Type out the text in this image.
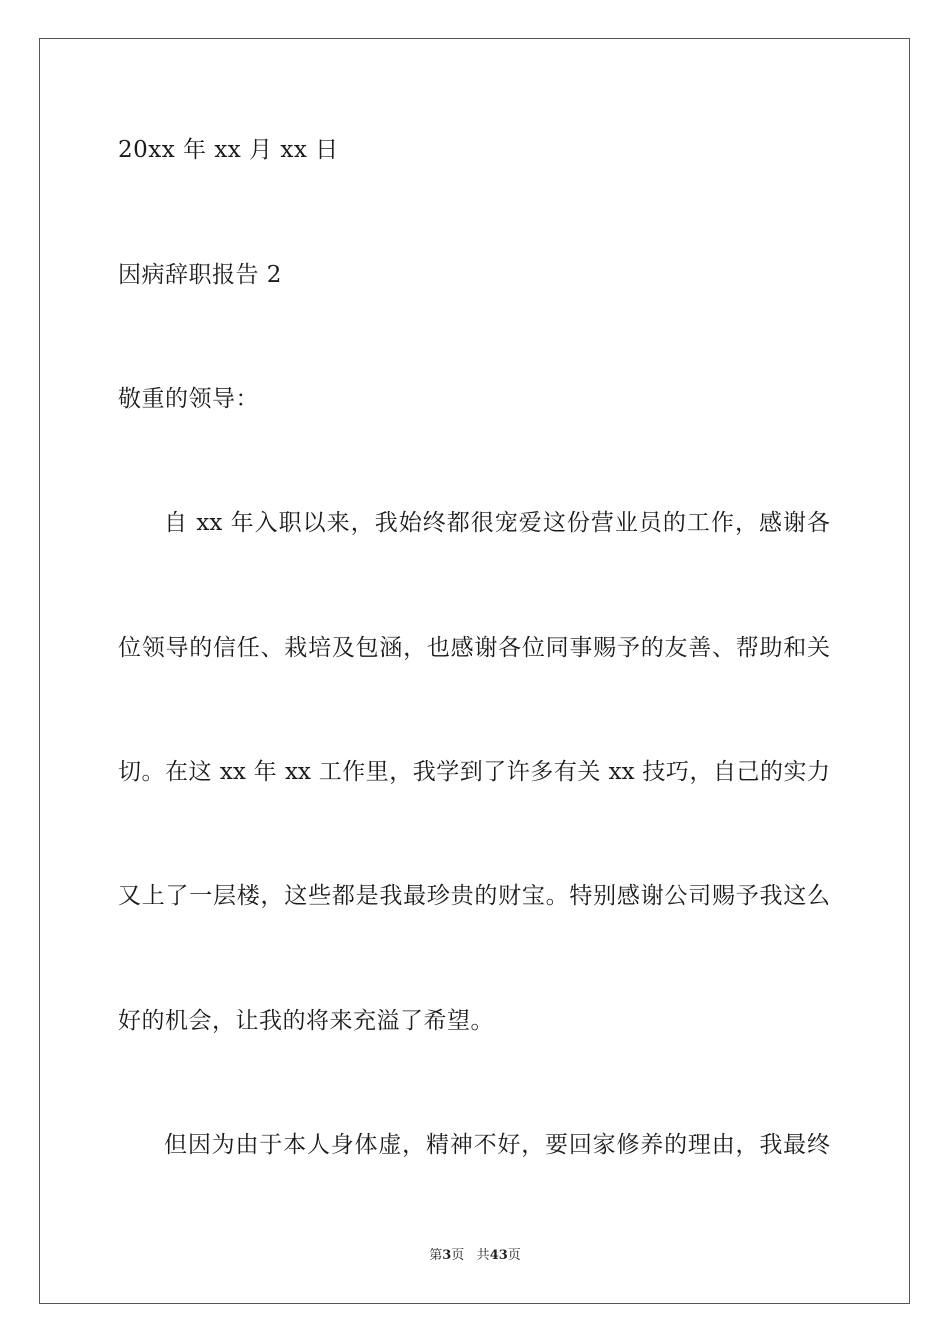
20xx 年 xx 月 xx 日
因病辞职报告 2
敬重的领导：
自 xx 年入职以来，我始终都很宠爱这份营业员的工作，感谢各
位领导的信任、栽培及包涵，也感谢各位同事赐予的友善、帮助和关
切。在这 xx 年 xx 工作里，我学到了许多有关 xx 技巧，自己的实力
又上了一层楼，这些都是我最珍贵的财宝。特别感谢公司赐予我这么
好的机会，让我的将来充溢了希望。
但因为由于本人身体虚，精神不好，要回家修养的理由，我最终
第3页 共43页
